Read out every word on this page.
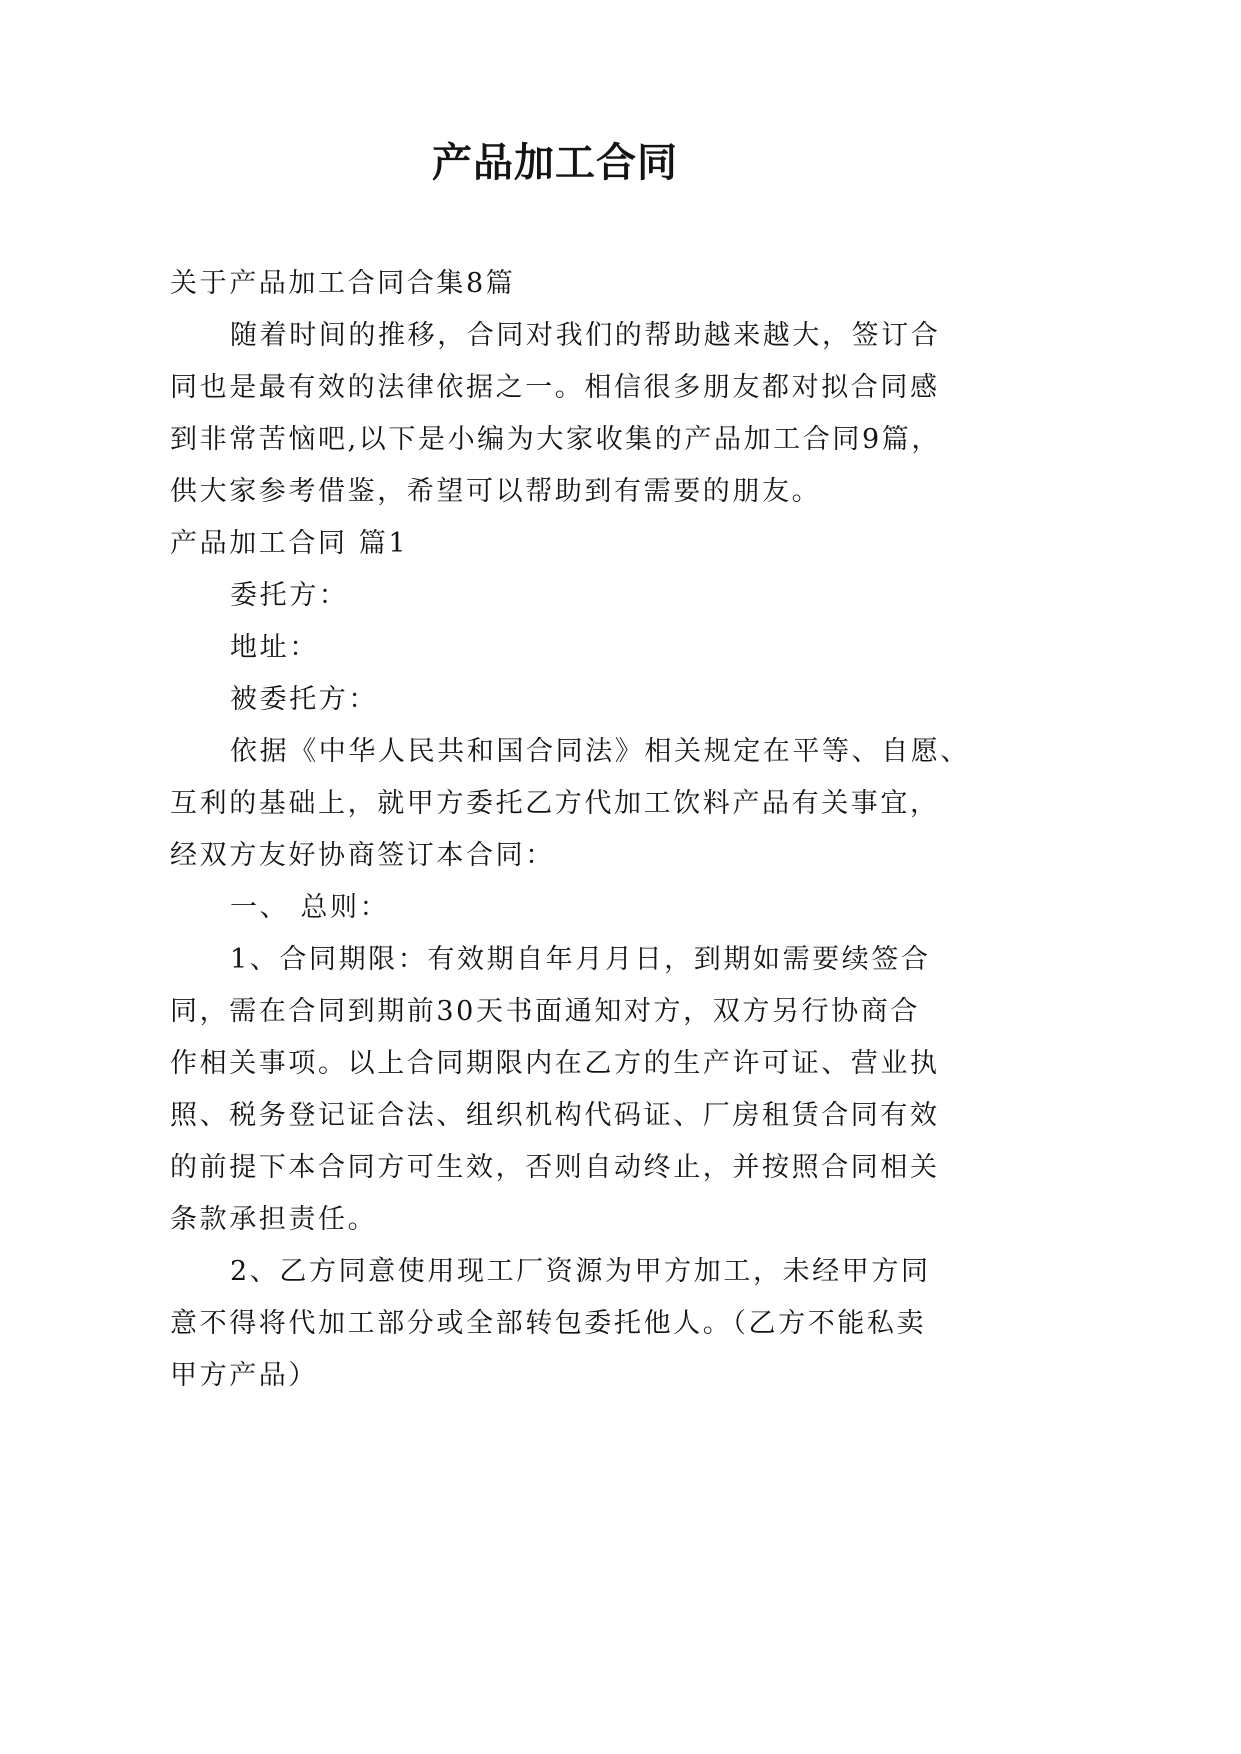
产品加工合同
关于产品加工合同合集8篇
随着时间的推移，合同对我们的帮助越来越大，签订合
同也是最有效的法律依据之一。相信很多朋友都对拟合同感
到非常苦恼吧,以下是小编为大家收集的产品加工合同9篇，
供大家参考借鉴，希望可以帮助到有需要的朋友。
产品加工合同 篇1
委托方：
地址：
被委托方：
依据《中华人民共和国合同法》相关规定在平等、自愿、
互利的基础上，就甲方委托乙方代加工饮料产品有关事宜，
经双方友好协商签订本合同：
一、 总则：
1、合同期限：有效期自年月月日，到期如需要续签合
同，需在合同到期前30天书面通知对方，双方另行协商合
作相关事项。以上合同期限内在乙方的生产许可证、营业执
照、税务登记证合法、组织机构代码证、厂房租赁合同有效
的前提下本合同方可生效，否则自动终止，并按照合同相关
条款承担责任。
2、乙方同意使用现工厂资源为甲方加工，未经甲方同
意不得将代加工部分或全部转包委托他人。（乙方不能私卖
甲方产品）
